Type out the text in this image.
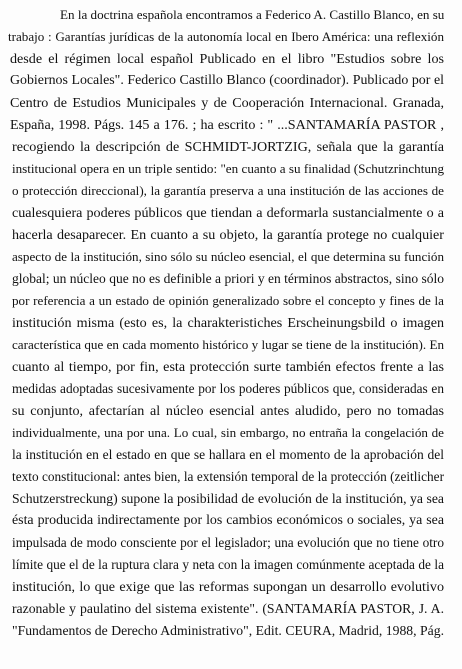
En la doctrina española encontramos a Federico A. Castillo Blanco, en su
trabajo : Garantías jurídicas de la autonomía local en Ibero América: una reflexión
desde el régimen local español Publicado en el libro "Estudios sobre los
Gobiernos Locales". Federico Castillo Blanco (coordinador). Publicado por el
Centro de Estudios Municipales y de Cooperación Internacional. Granada,
España, 1998. Págs. 145 a 176. ; ha escrito : " ...SANTAMARÍA PASTOR ,
recogiendo la descripción de SCHMIDT-JORTZIG, señala que la garantía
institucional opera en un triple sentido: "en cuanto a su finalidad (Schutzrinchtung
o protección direccional), la garantía preserva a una institución de las acciones de
cualesquiera poderes públicos que tiendan a deformarla sustancialmente o a
hacerla desaparecer. En cuanto a su objeto, la garantía protege no cualquier
aspecto de la institución, sino sólo su núcleo esencial, el que determina su función
global; un núcleo que no es definible a priori y en términos abstractos, sino sólo
por referencia a un estado de opinión generalizado sobre el concepto y fines de la
institución misma (esto es, la charakteristiches Erscheinungsbild o imagen
característica que en cada momento histórico y lugar se tiene de la institución). En
cuanto al tiempo, por fin, esta protección surte también efectos frente a las
medidas adoptadas sucesivamente por los poderes públicos que, consideradas en
su conjunto, afectarían al núcleo esencial antes aludido, pero no tomadas
individualmente, una por una. Lo cual, sin embargo, no entraña la congelación de
la institución en el estado en que se hallara en el momento de la aprobación del
texto constitucional: antes bien, la extensión temporal de la protección (zeitlicher
Schutzerstreckung) supone la posibilidad de evolución de la institución, ya sea
ésta producida indirectamente por los cambios económicos o sociales, ya sea
impulsada de modo consciente por el legislador; una evolución que no tiene otro
límite que el de la ruptura clara y neta con la imagen comúnmente aceptada de la
institución, lo que exige que las reformas supongan un desarrollo evolutivo
razonable y paulatino del sistema existente". (SANTAMARÍA PASTOR, J. A.
"Fundamentos de Derecho Administrativo", Edit. CEURA, Madrid, 1988, Pág.
